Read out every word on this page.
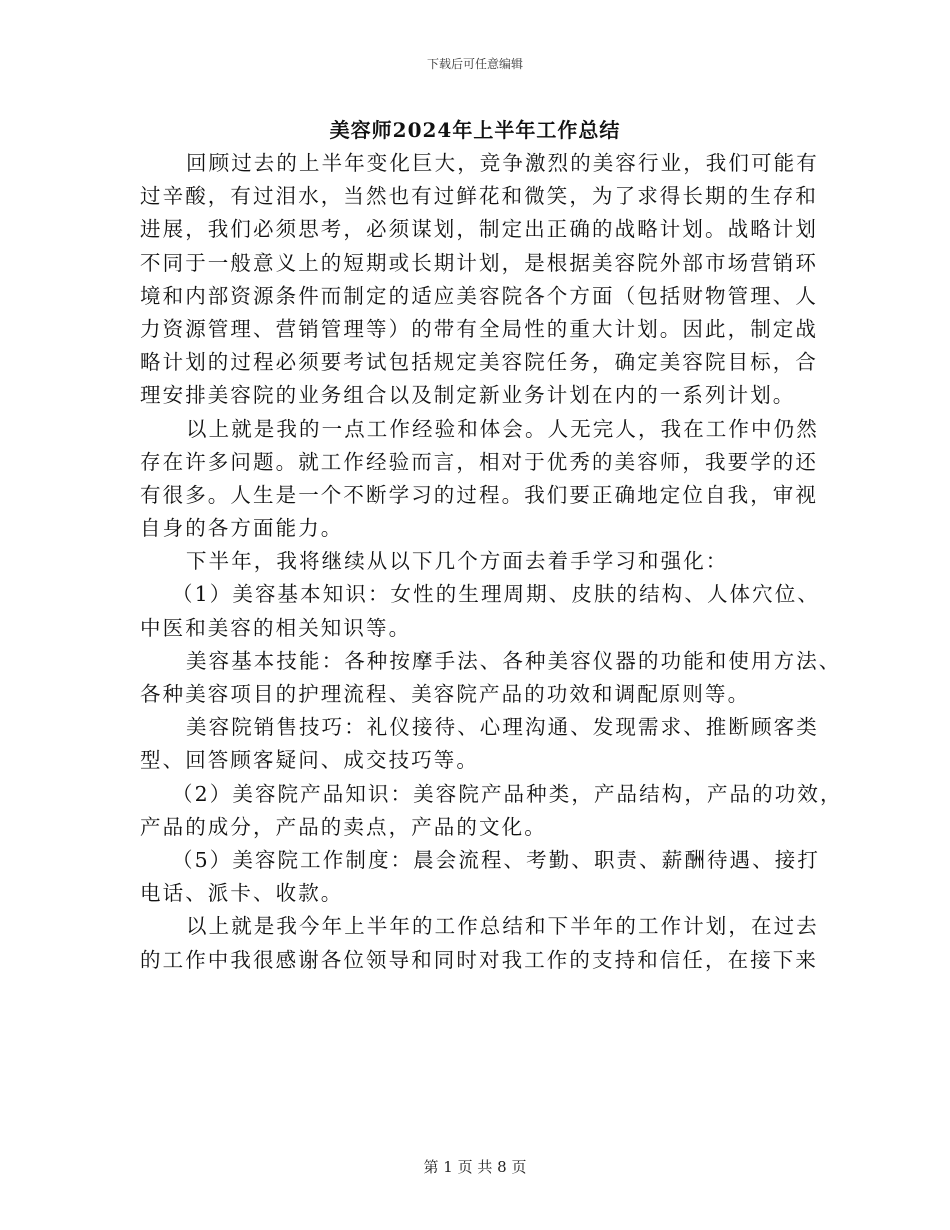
下载后可任意编辑
美容师2024年上半年工作总结
回顾过去的上半年变化巨大，竞争激烈的美容行业，我们可能有
过辛酸，有过泪水，当然也有过鲜花和微笑，为了求得长期的生存和
进展，我们必须思考，必须谋划，制定出正确的战略计划。战略计划
不同于一般意义上的短期或长期计划，是根据美容院外部市场营销环
境和内部资源条件而制定的适应美容院各个方面（包括财物管理、人
力资源管理、营销管理等）的带有全局性的重大计划。因此，制定战
略计划的过程必须要考试包括规定美容院任务，确定美容院目标，合
理安排美容院的业务组合以及制定新业务计划在内的一系列计划。
以上就是我的一点工作经验和体会。人无完人，我在工作中仍然
存在许多问题。就工作经验而言，相对于优秀的美容师，我要学的还
有很多。人生是一个不断学习的过程。我们要正确地定位自我，审视
自身的各方面能力。
下半年，我将继续从以下几个方面去着手学习和强化：
（1）美容基本知识：女性的生理周期、皮肤的结构、人体穴位、
中医和美容的相关知识等。
美容基本技能：各种按摩手法、各种美容仪器的功能和使用方法、
各种美容项目的护理流程、美容院产品的功效和调配原则等。
美容院销售技巧：礼仪接待、心理沟通、发现需求、推断顾客类
型、回答顾客疑问、成交技巧等。
（2）美容院产品知识：美容院产品种类，产品结构，产品的功效，
产品的成分，产品的卖点，产品的文化。
（5）美容院工作制度：晨会流程、考勤、职责、薪酬待遇、接打
电话、派卡、收款。
以上就是我今年上半年的工作总结和下半年的工作计划，在过去
的工作中我很感谢各位领导和同时对我工作的支持和信任，在接下来
第 1 页 共 8 页
